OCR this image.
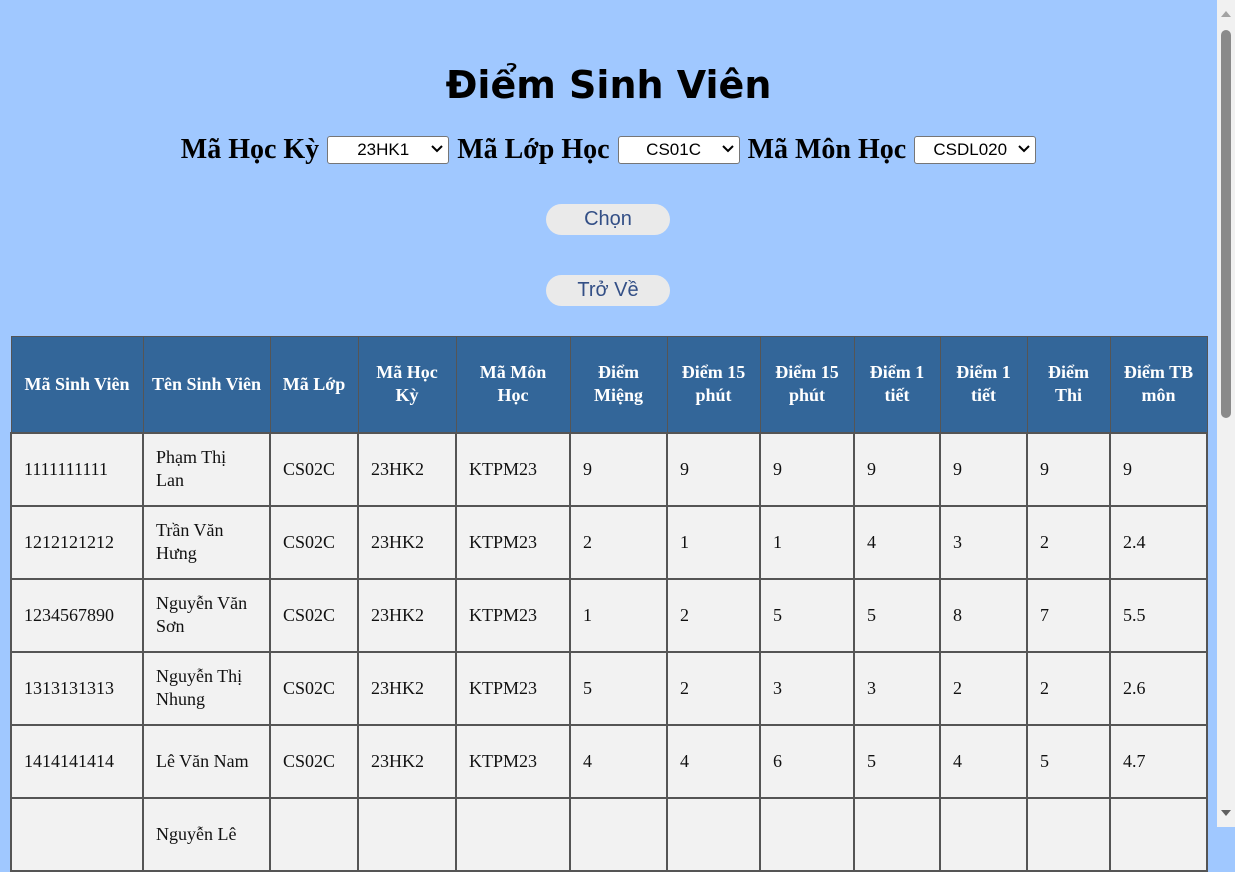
Điểm Sinh Viên
Mã Học Kỳ	23HK1	Mã Lớp Học	CS01C	Mã Môn Học	CSDL020
Chọn
Trở Về
Mã Sinh Viên	Tên Sinh Viên	Mã Lớp	Mã Học Kỳ	Mã Môn Học	Điểm Miệng	Điểm 15 phút	Điểm 15 phút	Điểm 1 tiết	Điểm 1 tiết	Điểm Thi	Điểm TB môn
1111111111	Phạm Thị Lan	CS02C	23HK2	KTPM23	9	9	9	9	9	9	9
1212121212	Trần Văn Hưng	CS02C	23HK2	KTPM23	2	1	1	4	3	2	2.4
1234567890	Nguyễn Văn Sơn	CS02C	23HK2	KTPM23	1	2	5	5	8	7	5.5
1313131313	Nguyễn Thị Nhung	CS02C	23HK2	KTPM23	5	2	3	3	2	2	2.6
1414141414	Lê Văn Nam	CS02C	23HK2	KTPM23	4	4	6	5	4	5	4.7
	Nguyễn Lê										
